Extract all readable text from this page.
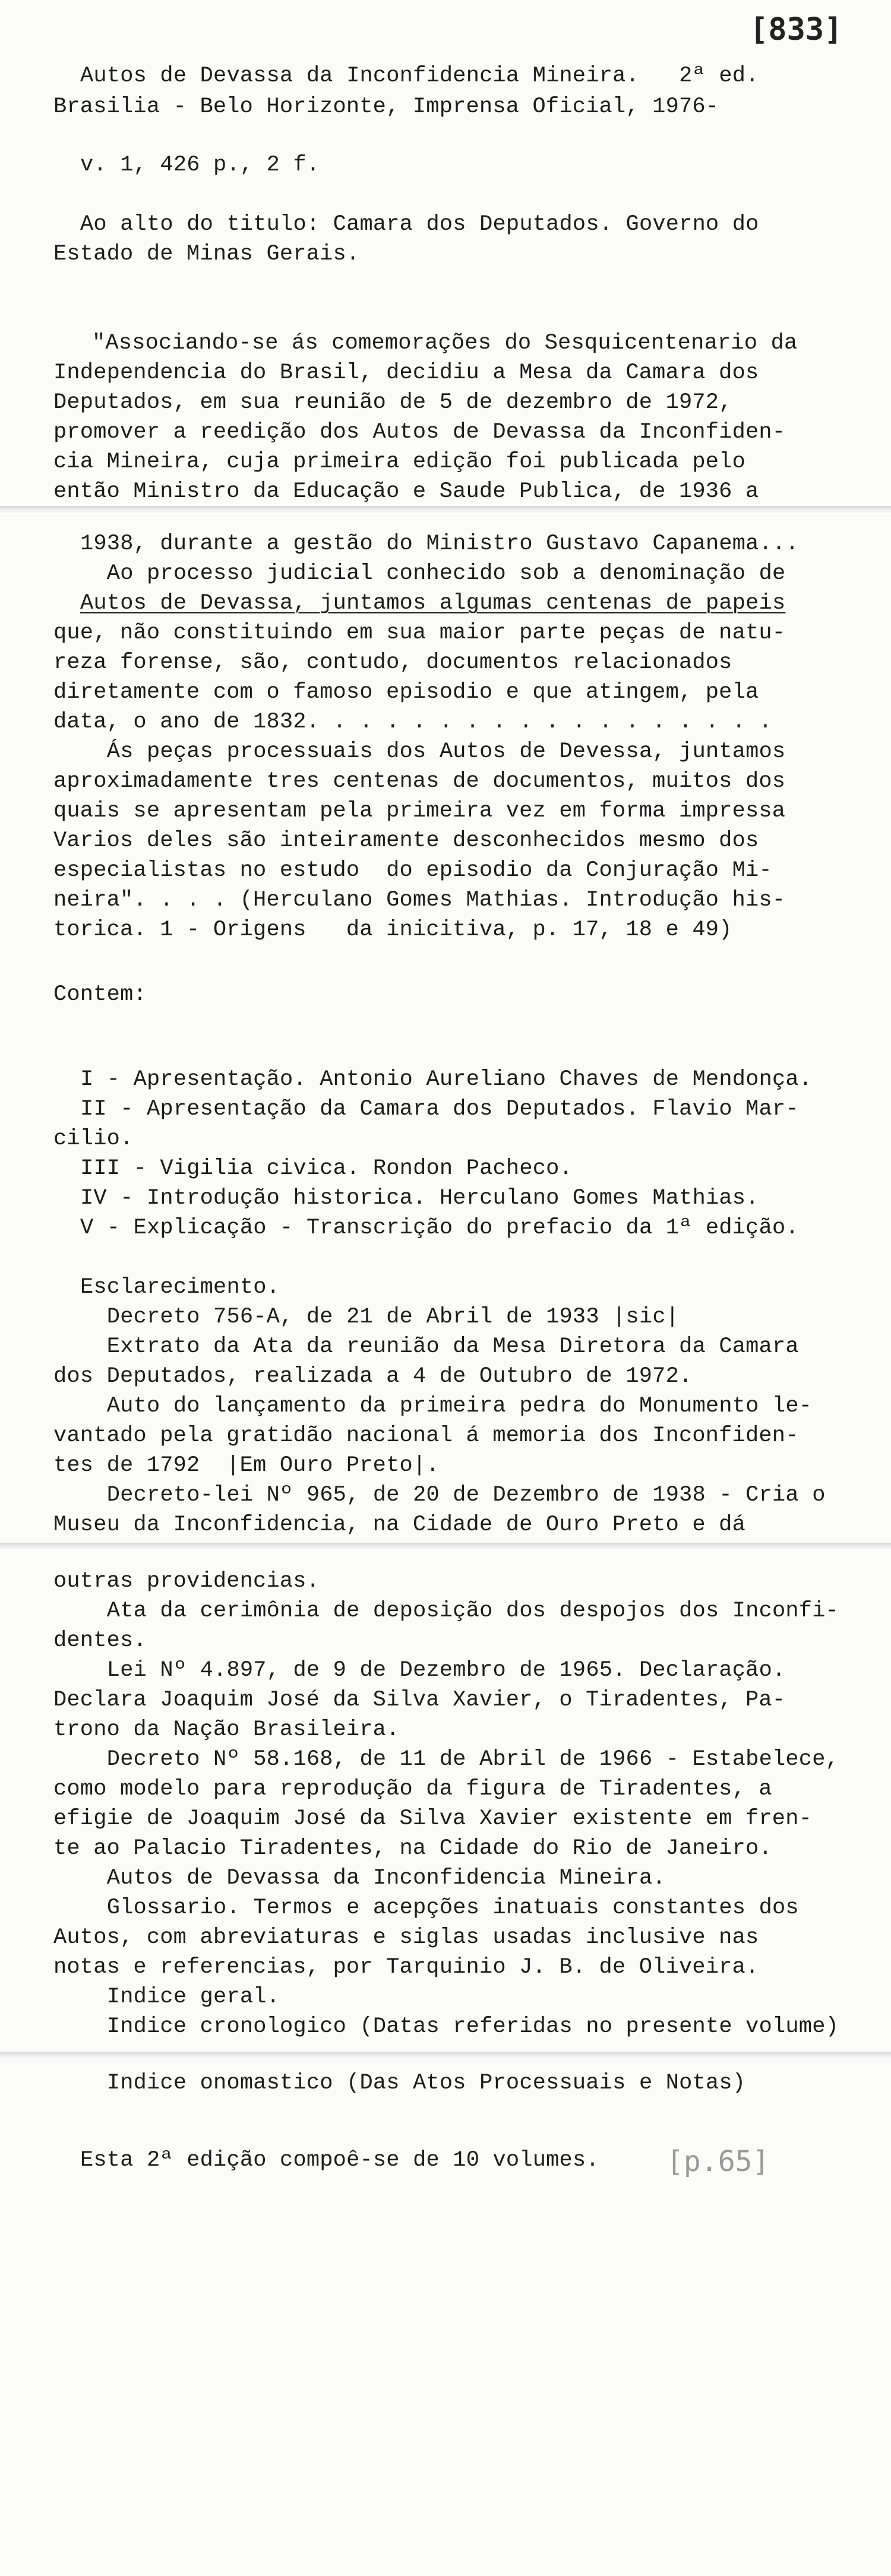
[833]
[p.65]
Autos de Devassa da Inconfidencia Mineira.   2ª ed.
Brasilia - Belo Horizonte, Imprensa Oficial, 1976-
v. 1, 426 p., 2 f.
Ao alto do titulo: Camara dos Deputados. Governo do
Estado de Minas Gerais.
"Associando-se ás comemorações do Sesquicentenario da
Independencia do Brasil, decidiu a Mesa da Camara dos
Deputados, em sua reunião de 5 de dezembro de 1972,
promover a reedição dos Autos de Devassa da Inconfiden-
cia Mineira, cuja primeira edição foi publicada pelo
então Ministro da Educação e Saude Publica, de 1936 a
1938, durante a gestão do Ministro Gustavo Capanema...
Ao processo judicial conhecido sob a denominação de
Autos de Devassa, juntamos algumas centenas de papeis
que, não constituindo em sua maior parte peças de natu-
reza forense, são, contudo, documentos relacionados
diretamente com o famoso episodio e que atingem, pela
data, o ano de 1832. . . . . . . . . . . . . . . . . .
Ás peças processuais dos Autos de Devessa, juntamos
aproximadamente tres centenas de documentos, muitos dos
quais se apresentam pela primeira vez em forma impressa
Varios deles são inteiramente desconhecidos mesmo dos
especialistas no estudo  do episodio da Conjuração Mi-
neira". . . . (Herculano Gomes Mathias. Introdução his-
torica. 1 - Origens   da inicitiva, p. 17, 18 e 49)
Contem:
I - Apresentação. Antonio Aureliano Chaves de Mendonça.
II - Apresentação da Camara dos Deputados. Flavio Mar-
cilio.
III - Vigilia civica. Rondon Pacheco.
IV - Introdução historica. Herculano Gomes Mathias.
V - Explicação - Transcrição do prefacio da 1ª edição.
Esclarecimento.
Decreto 756-A, de 21 de Abril de 1933 |sic|
Extrato da Ata da reunião da Mesa Diretora da Camara
dos Deputados, realizada a 4 de Outubro de 1972.
Auto do lançamento da primeira pedra do Monumento le-
vantado pela gratidão nacional á memoria dos Inconfiden-
tes de 1792  |Em Ouro Preto|.
Decreto-lei Nº 965, de 20 de Dezembro de 1938 - Cria o
Museu da Inconfidencia, na Cidade de Ouro Preto e dá
outras providencias.
Ata da cerimônia de deposição dos despojos dos Inconfi-
dentes.
Lei Nº 4.897, de 9 de Dezembro de 1965. Declaração.
Declara Joaquim José da Silva Xavier, o Tiradentes, Pa-
trono da Nação Brasileira.
Decreto Nº 58.168, de 11 de Abril de 1966 - Estabelece,
como modelo para reprodução da figura de Tiradentes, a
efigie de Joaquim José da Silva Xavier existente em fren-
te ao Palacio Tiradentes, na Cidade do Rio de Janeiro.
Autos de Devassa da Inconfidencia Mineira.
Glossario. Termos e acepções inatuais constantes dos
Autos, com abreviaturas e siglas usadas inclusive nas
notas e referencias, por Tarquinio J. B. de Oliveira.
Indice geral.
Indice cronologico (Datas referidas no presente volume)
Indice onomastico (Das Atos Processuais e Notas)
Esta 2ª edição compoê-se de 10 volumes.
